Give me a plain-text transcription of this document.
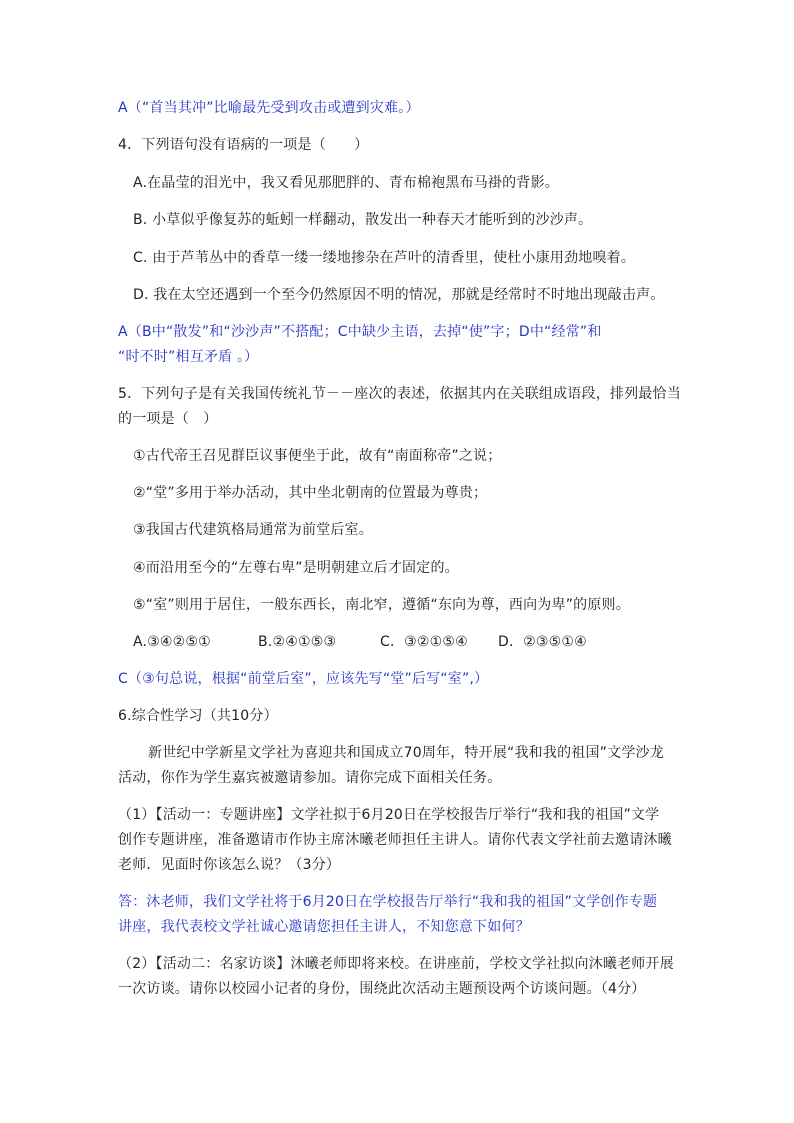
A（“首当其冲”比喻最先受到攻击或遭到灾难。）
4．下列语句没有语病的一项是（　　）
A.在晶莹的泪光中，我又看见那肥胖的、青布棉袍黑布马褂的背影。
B. 小草似乎像复苏的蚯蚓一样翻动，散发出一种春天才能听到的沙沙声。
C. 由于芦苇丛中的香草一缕一缕地掺杂在芦叶的清香里，使杜小康用劲地嗅着。
D. 我在太空还遇到一个至今仍然原因不明的情况，那就是经常时不时地出现敲击声。
A（B中“散发”和“沙沙声”不搭配；C中缺少主语，去掉“使”字；D中“经常”和
“时不时”相互矛盾 。）
5．下列句子是有关我国传统礼节－－座次的表述，依据其内在关联组成语段，排列最恰当
的一项是（　）
①古代帝王召见群臣议事便坐于此，故有“南面称帝”之说；
②“堂”多用于举办活动，其中坐北朝南的位置最为尊贵；
③我国古代建筑格局通常为前堂后室。
④而沿用至今的“左尊右卑”是明朝建立后才固定的。
⑤“室”则用于居住，一般东西长，南北窄，遵循“东向为尊，西向为卑”的原则。
A.③④②⑤①	B.②④①⑤③	C．③②①⑤④ D．②③⑤①④
C（③句总说，根据“前堂后室”，应该先写“堂”后写“室”,）
6.综合性学习（共10分）
新世纪中学新星文学社为喜迎共和国成立70周年，特开展“我和我的祖国”文学沙龙
活动，你作为学生嘉宾被邀请参加。请你完成下面相关任务。
（1）【活动一：专题讲座】文学社拟于6月20日在学校报告厅举行“我和我的祖国”文学
创作专题讲座，准备邀请市作协主席沐曦老师担任主讲人。请你代表文学社前去邀请沐曦
老师．见面时你该怎么说？（3分）
答：沐老师，我们文学社将于6月20日在学校报告厅举行“我和我的祖国”文学创作专题
讲座，我代表校文学社诚心邀请您担任主讲人，不知您意下如何？
（2）【活动二：名家访谈】沐曦老师即将来校。在讲座前，学校文学社拟向沐曦老师开展
一次访谈。请你以校园小记者的身份，围绕此次活动主题预设两个访谈问题。（4分）
